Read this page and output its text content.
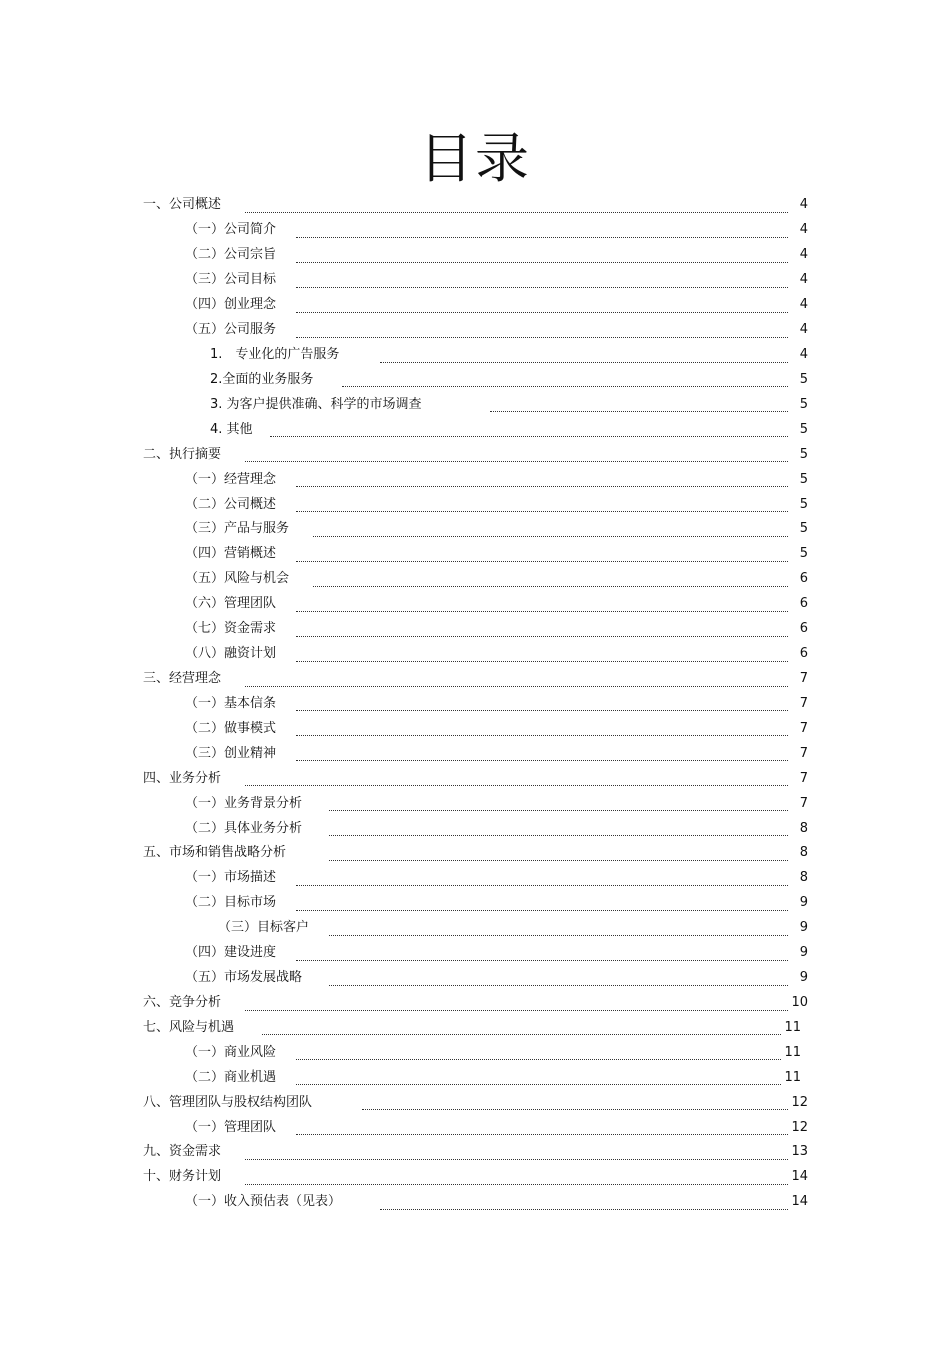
目录
一、公司概述	4
（一）公司简介	4
（二）公司宗旨	4
（三）公司目标	4
（四）创业理念	4
（五）公司服务	4
1.　专业化的广告服务	4
2.全面的业务服务	5
3. 为客户提供准确、科学的市场调查	5
4. 其他	5
二、执行摘要	5
（一）经营理念	5
（二）公司概述	5
（三）产品与服务	5
（四）营销概述	5
（五）风险与机会	6
（六）管理团队	6
（七）资金需求	6
（八）融资计划	6
三、经营理念	7
（一）基本信条	7
（二）做事模式	7
（三）创业精神	7
四、业务分析	7
（一）业务背景分析	7
（二）具体业务分析	8
五、市场和销售战略分析	8
（一）市场描述	8
（二）目标市场	9
（三）目标客户	9
（四）建设进度	9
（五）市场发展战略	9
六、竞争分析	10
七、风险与机遇	11
（一）商业风险	11
（二）商业机遇	11
八、管理团队与股权结构团队	12
（一）管理团队	12
九、资金需求	13
十、财务计划	14
（一）收入预估表（见表）	14
